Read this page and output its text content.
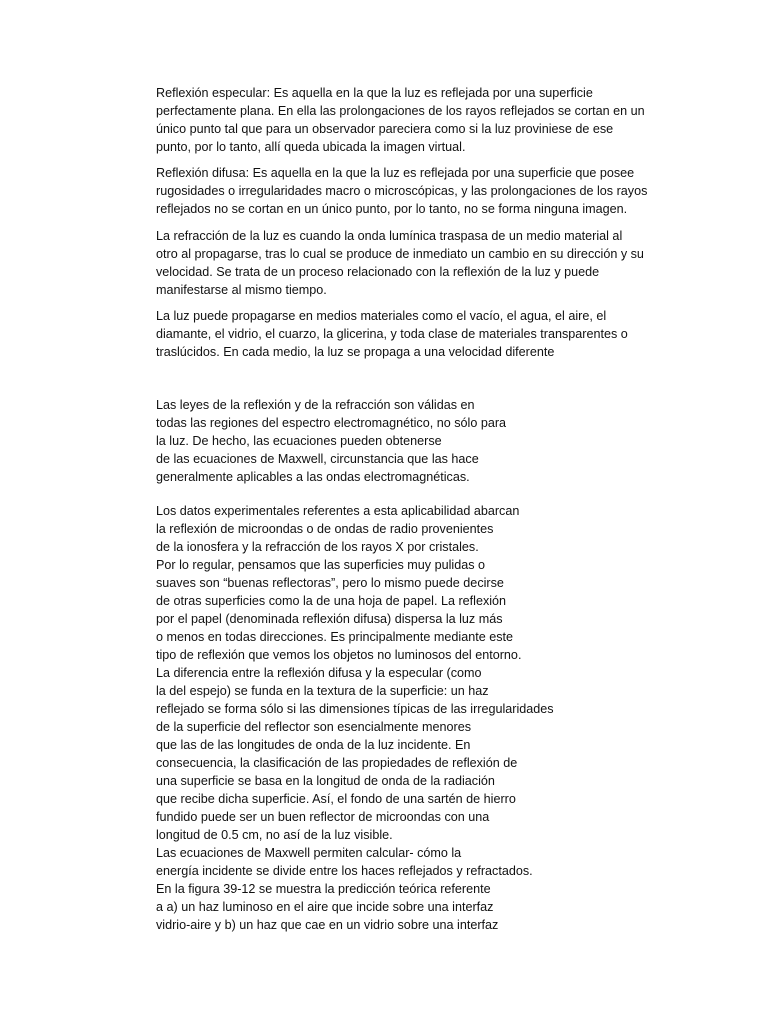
Reflexión especular: Es aquella en la que la luz es reflejada por una superficie
perfectamente plana. En ella las prolongaciones de los rayos reflejados se cortan en un
único punto tal que para un observador pareciera como si la luz proviniese de ese
punto, por lo tanto, allí queda ubicada la imagen virtual.

Reflexión difusa: Es aquella en la que la luz es reflejada por una superficie que posee
rugosidades o irregularidades macro o microscópicas, y las prolongaciones de los rayos
reflejados no se cortan en un único punto, por lo tanto, no se forma ninguna imagen.

La refracción de la luz es cuando la onda lumínica traspasa de un medio material al
otro al propagarse, tras lo cual se produce de inmediato un cambio en su dirección y su
velocidad. Se trata de un proceso relacionado con la reflexión de la luz y puede
manifestarse al mismo tiempo.

La luz puede propagarse en medios materiales como el vacío, el agua, el aire, el
diamante, el vidrio, el cuarzo, la glicerina, y toda clase de materiales transparentes o
traslúcidos. En cada medio, la luz se propaga a una velocidad diferente

Las leyes de la reflexión y de la refracción son válidas en
todas las regiones del espectro electromagnético, no sólo para
la luz. De hecho, las ecuaciones pueden obtenerse
de las ecuaciones de Maxwell, circunstancia que las hace
generalmente aplicables a las ondas electromagnéticas.

Los datos experimentales referentes a esta aplicabilidad abarcan
la reflexión de microondas o de ondas de radio provenientes
de la ionosfera y la refracción de los rayos X por cristales.
Por lo regular, pensamos que las superficies muy pulidas o
suaves son “buenas reflectoras”, pero lo mismo puede decirse
de otras superficies como la de una hoja de papel. La reflexión
por el papel (denominada reflexión difusa) dispersa la luz más
o menos en todas direcciones. Es principalmente mediante este
tipo de reflexión que vemos los objetos no luminosos del entorno.
La diferencia entre la reflexión difusa y la especular (como
la del espejo) se funda en la textura de la superficie: un haz
reflejado se forma sólo si las dimensiones típicas de las irregularidades
de la superficie del reflector son esencialmente menores
que las de las longitudes de onda de la luz incidente. En
consecuencia, la clasificación de las propiedades de reflexión de
una superficie se basa en la longitud de onda de la radiación
que recibe dicha superficie. Así, el fondo de una sartén de hierro
fundido puede ser un buen reflector de microondas con una
longitud de 0.5 cm, no así de la luz visible.
Las ecuaciones de Maxwell permiten calcular- cómo la
energía incidente se divide entre los haces reflejados y refractados.
En la figura 39-12 se muestra la predicción teórica referente
a a) un haz luminoso en el aire que incide sobre una interfaz
vidrio-aire y b) un haz que cae en un vidrio sobre una interfaz
